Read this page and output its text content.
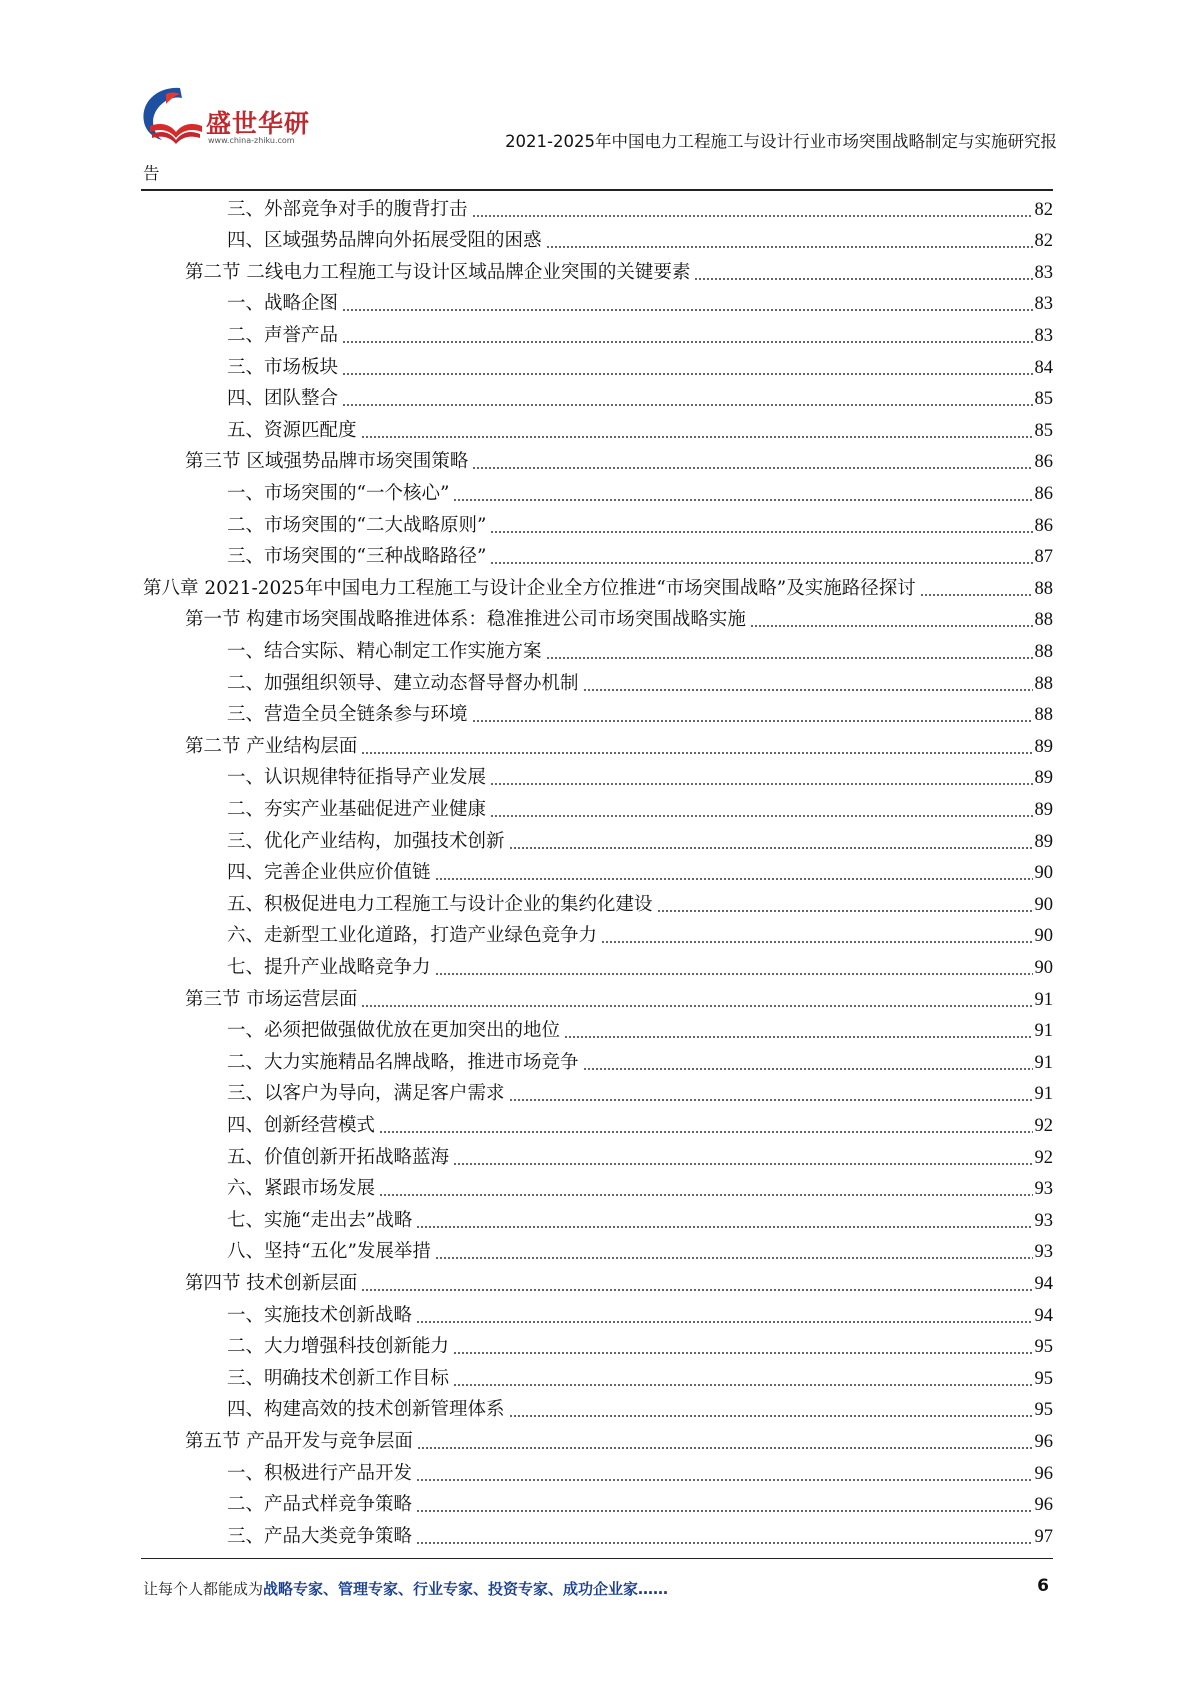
盛世华研
www.china-zhiku.com	2021-2025年中国电力工程施工与设计行业市场突围战略制定与实施研究报
告
三、外部竞争对手的腹背打击	82
四、区域强势品牌向外拓展受阻的困惑	82
第二节 二线电力工程施工与设计区域品牌企业突围的关键要素	83
一、战略企图	83
二、声誉产品	83
三、市场板块	84
四、团队整合	85
五、资源匹配度	85
第三节 区域强势品牌市场突围策略	86
一、市场突围的“一个核心”	86
二、市场突围的“二大战略原则”	86
三、市场突围的“三种战略路径”	87
第八章 2021-2025年中国电力工程施工与设计企业全方位推进“市场突围战略”及实施路径探讨	88
第一节 构建市场突围战略推进体系：稳准推进公司市场突围战略实施	88
一、结合实际、精心制定工作实施方案	88
二、加强组织领导、建立动态督导督办机制	88
三、营造全员全链条参与环境	88
第二节 产业结构层面	89
一、认识规律特征指导产业发展	89
二、夯实产业基础促进产业健康	89
三、优化产业结构，加强技术创新	89
四、完善企业供应价值链	90
五、积极促进电力工程施工与设计企业的集约化建设	90
六、走新型工业化道路，打造产业绿色竞争力	90
七、提升产业战略竞争力	90
第三节 市场运营层面	91
一、必须把做强做优放在更加突出的地位	91
二、大力实施精品名牌战略，推进市场竞争	91
三、以客户为导向，满足客户需求	91
四、创新经营模式	92
五、价值创新开拓战略蓝海	92
六、紧跟市场发展	93
七、实施“走出去”战略	93
八、坚持“五化”发展举措	93
第四节 技术创新层面	94
一、实施技术创新战略	94
二、大力增强科技创新能力	95
三、明确技术创新工作目标	95
四、构建高效的技术创新管理体系	95
第五节 产品开发与竞争层面	96
一、积极进行产品开发	96
二、产品式样竞争策略	96
三、产品大类竞争策略	97
让每个人都能成为战略专家、管理专家、行业专家、投资专家、成功企业家……	6
